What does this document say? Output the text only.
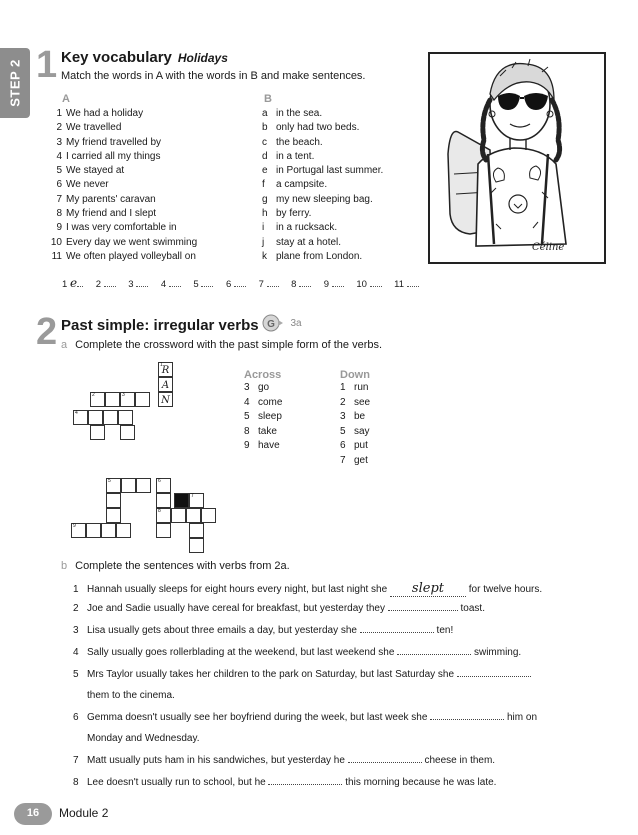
STEP 2 1 Key vocabulary Holidays
Match the words in A with the words in B and make sentences.
A	B
1 We had a holiday
2 We travelled
3 My friend travelled by
4 I carried all my things
5 We stayed at
6 We never
7 My parents' caravan
8 My friend and I slept
9 I was very comfortable in
10 Every day we went swimming
11 We often played volleyball on
a in the sea.
b only had two beds.
c the beach.
d in a tent.
e in Portugal last summer.
f a campsite.
g my new sleeping bag.
h by ferry.
i in a rucksack.
j stay at a hotel.
k plane from London.
1 e 2	3	4	5	6	7	8	9	10	11
Céline
2 Past simple: irregular verbs G 3a
a Complete the crossword with the past simple form of the verbs.
1
R
A
N
2	3
4
5	6
7
8
9
Across
3 go
4 come
5 sleep
8 take
9 have
Down
1 run
2 see
3 be
5 say
6 put
7 get
b Complete the sentences with verbs from 2a.
1 Hannah usually sleeps for eight hours every night, but last night she slept for twelve hours.
2 Joe and Sadie usually have cereal for breakfast, but yesterday they	toast.
3 Lisa usually gets about three emails a day, but yesterday she	ten!
4 Sally usually goes rollerblading at the weekend, but last weekend she	swimming.
5 Mrs Taylor usually takes her children to the park on Saturday, but last Saturday she
them to the cinema.
6 Gemma doesn't usually see her boyfriend during the week, but last week she	him on
Monday and Wednesday.
7 Matt usually puts ham in his sandwiches, but yesterday he	cheese in them.
8 Lee doesn't usually run to school, but he	this morning because he was late.
16	Module 2
